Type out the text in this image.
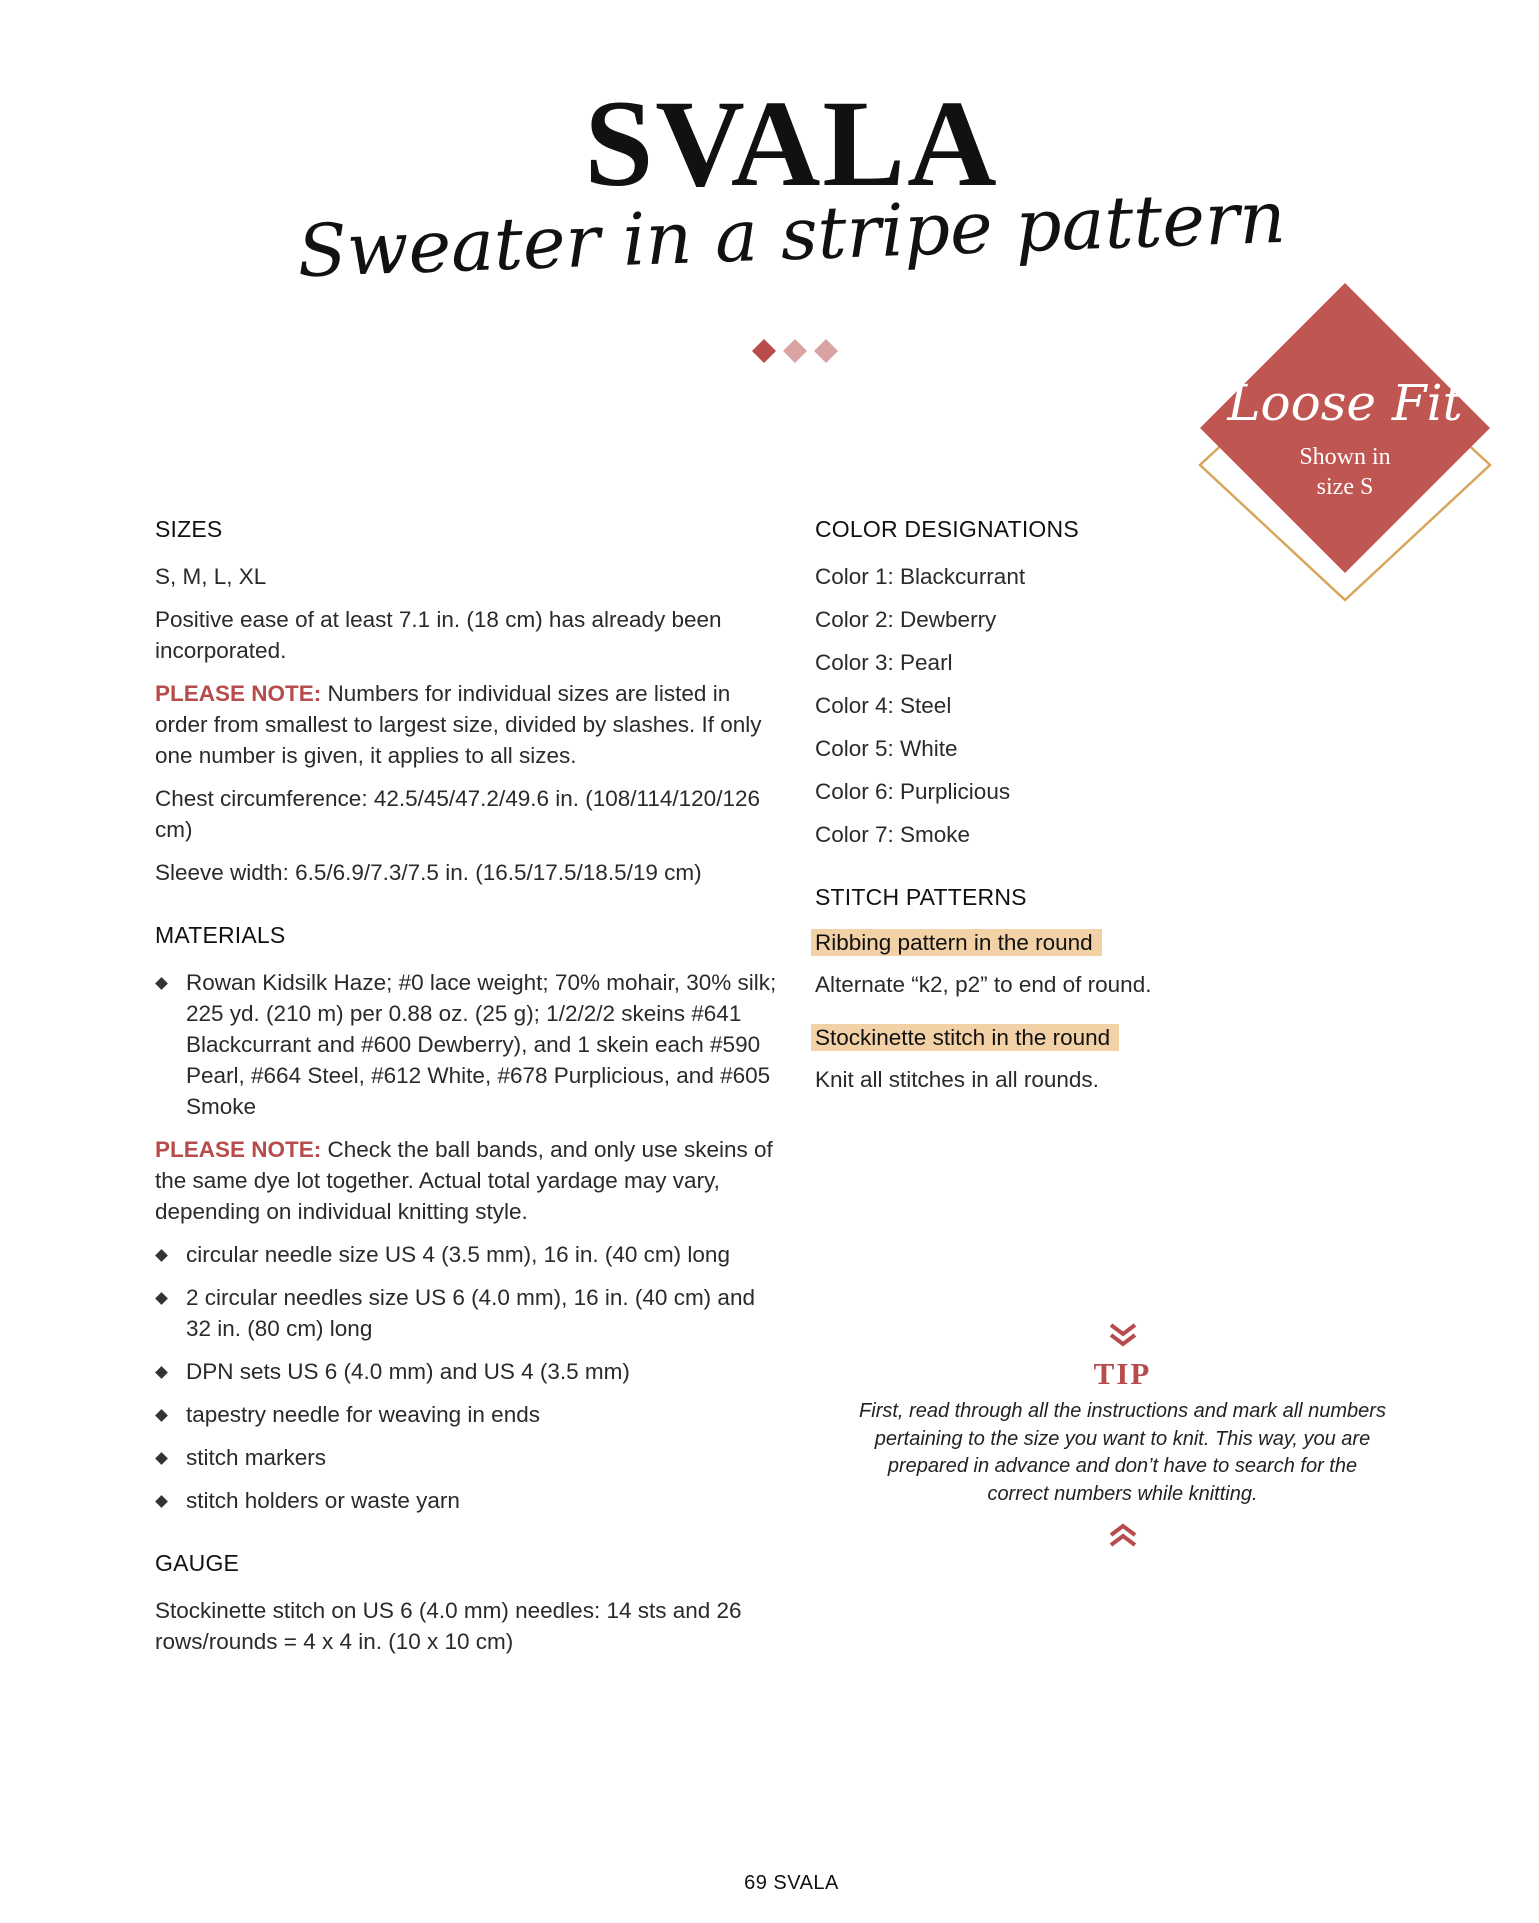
SVALA
Sweater in a stripe pattern
Loose Fit
Shown in
size S
SIZES

S, M, L, XL

Positive ease of at least 7.1 in. (18 cm) has already been incorporated.

PLEASE NOTE: Numbers for individual sizes are listed in order from smallest to largest size, divided by slashes. If only one number is given, it applies to all sizes.

Chest circumference: 42.5/45/47.2/49.6 in. (108/114/120/126 cm)

Sleeve width: 6.5/6.9/7.3/7.5 in. (16.5/17.5/18.5/19 cm)

MATERIALS
Rowan Kidsilk Haze; #0 lace weight; 70% mohair, 30% silk; 225 yd. (210 m) per 0.88 oz. (25 g); 1/2/2/2 skeins #641 Blackcurrant and #600 Dewberry), and 1 skein each #590 Pearl, #664 Steel, #612 White, #678 Purplicious, and #605 Smoke

PLEASE NOTE: Check the ball bands, and only use skeins of the same dye lot together. Actual total yardage may vary, depending on individual knitting style.

circular needle size US 4 (3.5 mm), 16 in. (40 cm) long
2 circular needles size US 6 (4.0 mm), 16 in. (40 cm) and 32 in. (80 cm) long
DPN sets US 6 (4.0 mm) and US 4 (3.5 mm)
tapestry needle for weaving in ends
stitch markers
stitch holders or waste yarn
GAUGE

Stockinette stitch on US 6 (4.0 mm) needles: 14 sts and 26 rows/rounds = 4 x 4 in. (10 x 10 cm)

COLOR DESIGNATIONS

Color 1: Blackcurrant

Color 2: Dewberry

Color 3: Pearl

Color 4: Steel

Color 5: White

Color 6: Purplicious

Color 7: Smoke

STITCH PATTERNS
Ribbing pattern in the round

Alternate “k2, p2” to end of round.

Stockinette stitch in the round

Knit all stitches in all rounds.

TIP

First, read through all the instructions and mark all numbers pertaining to the size you want to knit. This way, you are prepared in advance and don’t have to search for the correct numbers while knitting.

69 SVALA
